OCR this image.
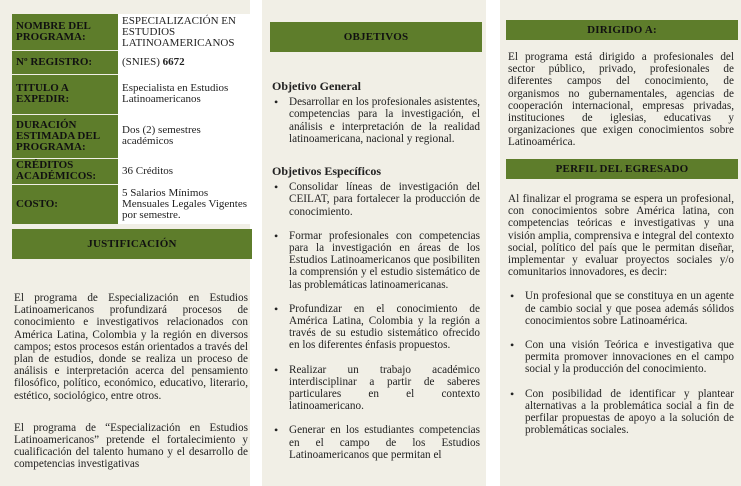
NOMBRE DEL PROGRAMA:	ESPECIALIZACIÓN EN ESTUDIOS LATINOAMERICANOS
Nº REGISTRO:	(SNIES) 6672
TITULO A EXPEDIR:	Especialista en Estudios Latinoamericanos
DURACIÓN ESTIMADA DEL PROGRAMA:	Dos (2) semestres académicos
CRÉDITOS ACADÉMICOS:	36 Créditos
COSTO:	5 Salarios Mínimos Mensuales Legales Vigentes por semestre.
JUSTIFICACIÓN

El programa de Especialización en Estudios Latinoamericanos profundizará procesos de conocimiento e investigativos relacionados con América Latina, Colombia y la región en diversos campos; estos procesos están orientados a través del plan de estudios, donde se realiza un proceso de análisis e interpretación acerca del pensamiento filosófico, político, económico, educativo, literario, estético, sociológico, entre otros.

El programa de “Especialización en Estudios Latinoamericanos” pretende el fortalecimiento y cualificación del talento humano y el desarrollo de competencias investigativas

OBJETIVOS
Objetivo General
• Desarrollar en los profesionales asistentes, competencias para la investigación, el análisis e interpretación de la realidad latinoamericana, nacional y regional.
Objetivos Específicos
• Consolidar líneas de investigación del CEILAT, para fortalecer la producción de conocimiento.
• Formar profesionales con competencias para la investigación en áreas de los Estudios Latinoamericanos que posibiliten la comprensión y el estudio sistemático de las problemáticas latinoamericanas.
• Profundizar en el conocimiento de América Latina, Colombia y la región a través de su estudio sistemático ofrecido en los diferentes énfasis propuestos.
• Realizar un trabajo académico interdisciplinar a partir de saberes particulares en el contexto latinoamericano.
• Generar en los estudiantes competencias en el campo de los Estudios Latinoamericanos que permitan el
DIRIGIDO A:

El programa está dirigido a profesionales del sector público, privado, profesionales de diferentes campos del conocimiento, de organismos no gubernamentales, agencias de cooperación internacional, empresas privadas, instituciones de iglesias, educativas y organizaciones que exigen conocimientos sobre Latinoamérica.

PERFIL DEL EGRESADO

Al finalizar el programa se espera un profesional, con conocimientos sobre América latina, con competencias teóricas e investigativas y una visión amplia, comprensiva e integral del contexto social, político del país que le permitan diseñar, implementar y evaluar proyectos sociales y/o comunitarios innovadores, es decir:

• Un profesional que se constituya en un agente de cambio social y que posea además sólidos conocimientos sobre Latinoamérica.
• Con una visión Teórica e investigativa que permita promover innovaciones en el campo social y la producción del conocimiento.
• Con posibilidad de identificar y plantear alternativas a la problemática social a fin de perfilar propuestas de apoyo a la solución de problemáticas sociales.
